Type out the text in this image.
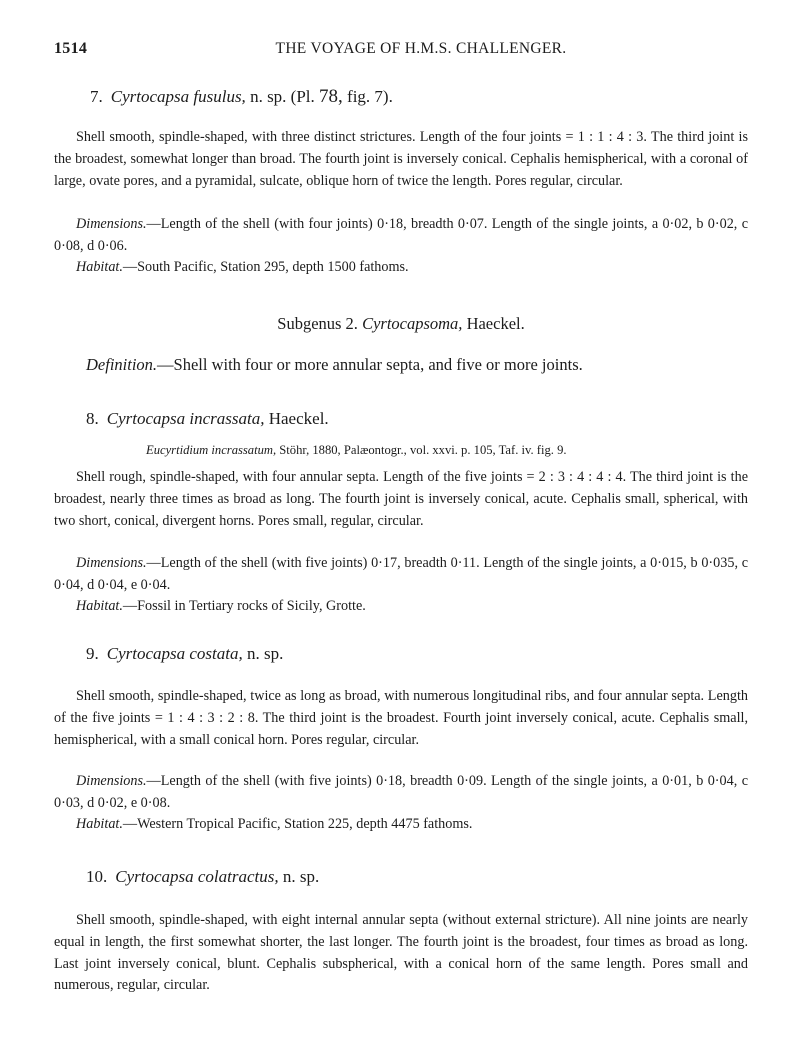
1514	THE VOYAGE OF H.M.S. CHALLENGER.
7. Cyrtocapsa fusulus, n. sp. (Pl. 78, fig. 7).
Shell smooth, spindle-shaped, with three distinct strictures. Length of the four joints = 1 : 1 : 4 : 3. The third joint is the broadest, somewhat longer than broad. The fourth joint is inversely conical. Cephalis hemispherical, with a coronal of large, ovate pores, and a pyramidal, sulcate, oblique horn of twice the length. Pores regular, circular.
Dimensions.—Length of the shell (with four joints) 0·18, breadth 0·07. Length of the single joints, a 0·02, b 0·02, c 0·08, d 0·06.
Habitat.—South Pacific, Station 295, depth 1500 fathoms.
Subgenus 2. Cyrtocapsoma, Haeckel.
Definition.—Shell with four or more annular septa, and five or more joints.
8. Cyrtocapsa incrassata, Haeckel.
Eucyrtidium incrassatum, Stöhr, 1880, Palæontogr., vol. xxvi. p. 105, Taf. iv. fig. 9.
Shell rough, spindle-shaped, with four annular septa. Length of the five joints = 2 : 3 : 4 : 4 : 4. The third joint is the broadest, nearly three times as broad as long. The fourth joint is inversely conical, acute. Cephalis small, spherical, with two short, conical, divergent horns. Pores small, regular, circular.
Dimensions.—Length of the shell (with five joints) 0·17, breadth 0·11. Length of the single joints, a 0·015, b 0·035, c 0·04, d 0·04, e 0·04.
Habitat.—Fossil in Tertiary rocks of Sicily, Grotte.
9. Cyrtocapsa costata, n. sp.
Shell smooth, spindle-shaped, twice as long as broad, with numerous longitudinal ribs, and four annular septa. Length of the five joints = 1 : 4 : 3 : 2 : 8. The third joint is the broadest. Fourth joint inversely conical, acute. Cephalis small, hemispherical, with a small conical horn. Pores regular, circular.
Dimensions.—Length of the shell (with five joints) 0·18, breadth 0·09. Length of the single joints, a 0·01, b 0·04, c 0·03, d 0·02, e 0·08.
Habitat.—Western Tropical Pacific, Station 225, depth 4475 fathoms.
10. Cyrtocapsa colatractus, n. sp.
Shell smooth, spindle-shaped, with eight internal annular septa (without external stricture). All nine joints are nearly equal in length, the first somewhat shorter, the last longer. The fourth joint is the broadest, four times as broad as long. Last joint inversely conical, blunt. Cephalis subspherical, with a conical horn of the same length. Pores small and numerous, regular, circular.
